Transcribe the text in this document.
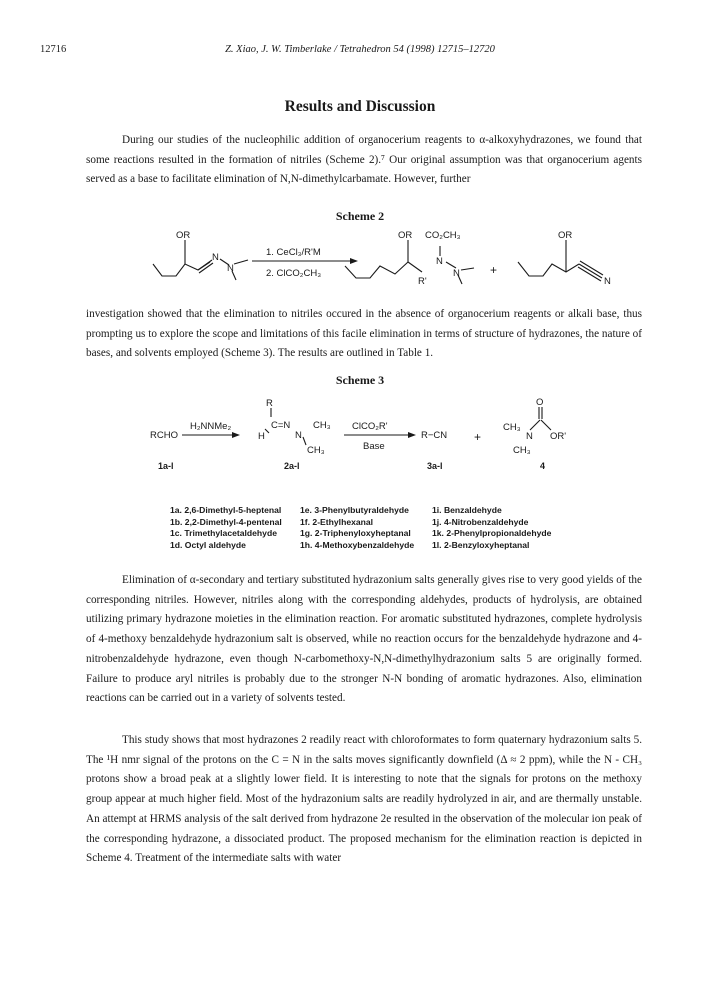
12716	Z. Xiao, J. W. Timberlake / Tetrahedron 54 (1998) 12715–12720
Results and Discussion

During our studies of the nucleophilic addition of organocerium reagents to α-alkoxyhydrazones, we found that some reactions resulted in the formation of nitriles (Scheme 2).⁷ Our original assumption was that organocerium agents served as a base to facilitate elimination of N,N-dimethylcarbamate. However, further

Scheme 2
OR
N
N
1. CeCl₃/R'M
2. ClCO₂CH₃
OR CO₂CH₃
N
N
R'
+
OR
N

investigation showed that the elimination to nitriles occured in the absence of organocerium reagents or alkali base, thus prompting us to explore the scope and limitations of this facile elimination in terms of structure of hydrazones, the nature of bases, and solvents employed (Scheme 3). The results are outlined in Table 1.

Scheme 3
RCHO
H₂NNMe₂
R
C=N
H	N
CH₃
CH₃
ClCO₂R'
Base
R−CN +
O
CH₃
N OR'
CH₃
1a-l	2a-l	3a-l	4
1a. 2,6-Dimethyl-5-heptenal
1b. 2,2-Dimethyl-4-pentenal
1c. Trimethylacetaldehyde
1d. Octyl aldehyde
1e. 3-Phenylbutyraldehyde
1f. 2-Ethylhexanal
1g. 2-Triphenyloxyheptanal
1h. 4-Methoxybenzaldehyde
1i. Benzaldehyde
1j. 4-Nitrobenzaldehyde
1k. 2-Phenylpropionaldehyde
1l. 2-Benzyloxyheptanal

Elimination of α-secondary and tertiary substituted hydrazonium salts generally gives rise to very good yields of the corresponding nitriles. However, nitriles along with the corresponding aldehydes, products of hydrolysis, are obtained utilizing primary hydrazone moieties in the elimination reaction. For aromatic substituted hydrazones, complete hydrolysis of 4-methoxy benzaldehyde hydrazonium salt is observed, while no reaction occurs for the benzaldehyde hydrazone and 4-nitrobenzaldehyde hydrazone, even though N-carbomethoxy-N,N-dimethylhydrazonium salts 5 are originally formed. Failure to produce aryl nitriles is probably due to the stronger N-N bonding of aromatic hydrazones. Also, elimination reactions can be carried out in a variety of solvents tested.

This study shows that most hydrazones 2 readily react with chloroformates to form quaternary hydrazonium salts 5. The ¹H nmr signal of the protons on the C = N in the salts moves significantly downfield (Δ ≈ 2 ppm), while the N - CH₃ protons show a broad peak at a slightly lower field. It is interesting to note that the signals for protons on the methoxy group appear at much higher field. Most of the hydrazonium salts are readily hydrolyzed in air, and are thermally unstable. An attempt at HRMS analysis of the salt derived from hydrazone 2e resulted in the observation of the molecular ion peak of the corresponding hydrazone, a dissociated product. The proposed mechanism for the elimination reaction is depicted in Scheme 4. Treatment of the intermediate salts with water
